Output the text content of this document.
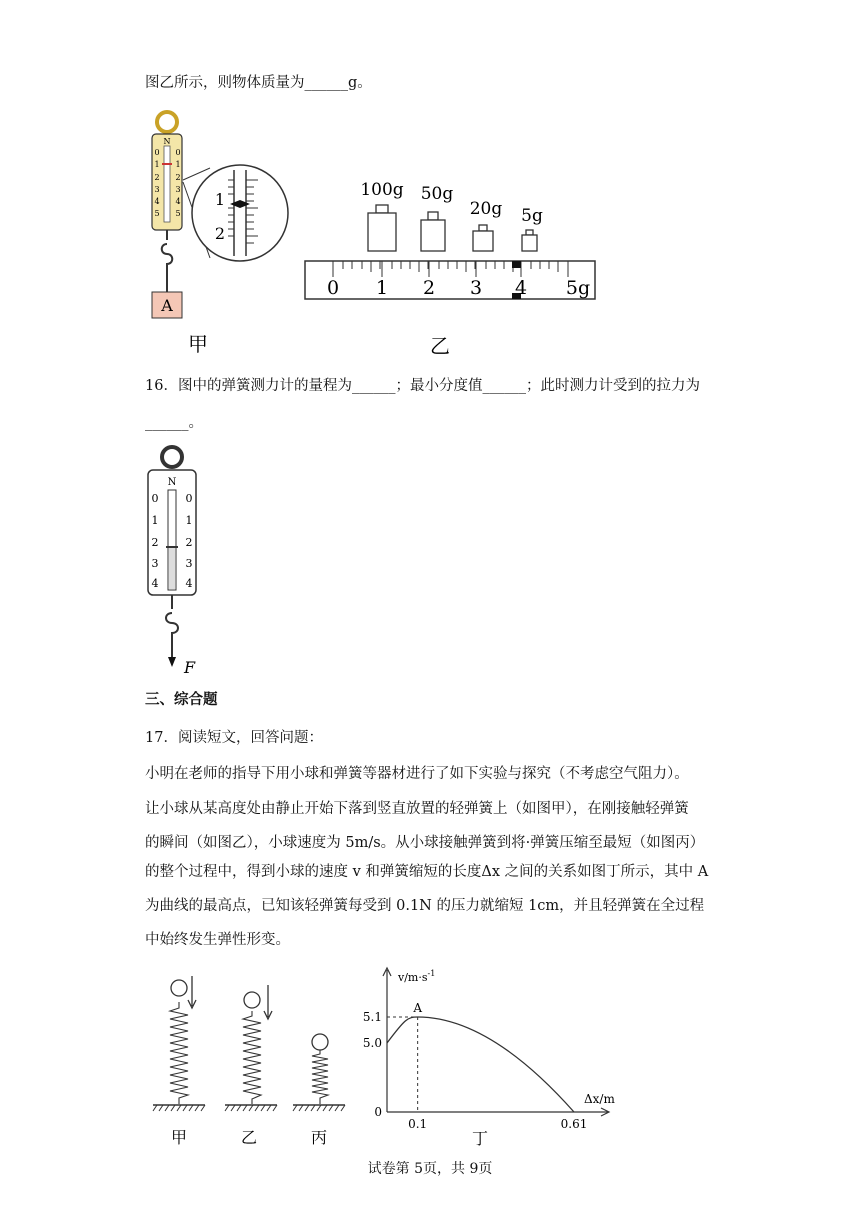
图乙所示，则物体质量为______g。
N
0
1
2
3
4
5
0
1
2
3
4
5
A
1
2
甲
100g 50g
20g 5g
0 1 2 3 4 5g
乙
16．图中的弹簧测力计的量程为______；最小分度值______；此时测力计受到的拉力为
______。
N
0
1
2
3
4
0
1
2
3
4
F
三、综合题
17．阅读短文，回答问题：
小明在老师的指导下用小球和弹簧等器材进行了如下实验与探究（不考虑空气阻力）。
让小球从某高度处由静止开始下落到竖直放置的轻弹簧上（如图甲），在刚接触轻弹簧
的瞬间（如图乙），小球速度为 5m/s。从小球接触弹簧到将·弹簧压缩至最短（如图丙）
的整个过程中，得到小球的速度 v 和弹簧缩短的长度Δx 之间的关系如图丁所示，其中 A
为曲线的最高点，已知该轻弹簧每受到 0.1N 的压力就缩短 1cm，并且轻弹簧在全过程
中始终发生弹性形变。
甲	乙	丙
$v/m\cdot s^{-1}$
Δx/m
A
5.1
5.0
0
0.1	0.61
丁
试卷第 5页，共 9页
